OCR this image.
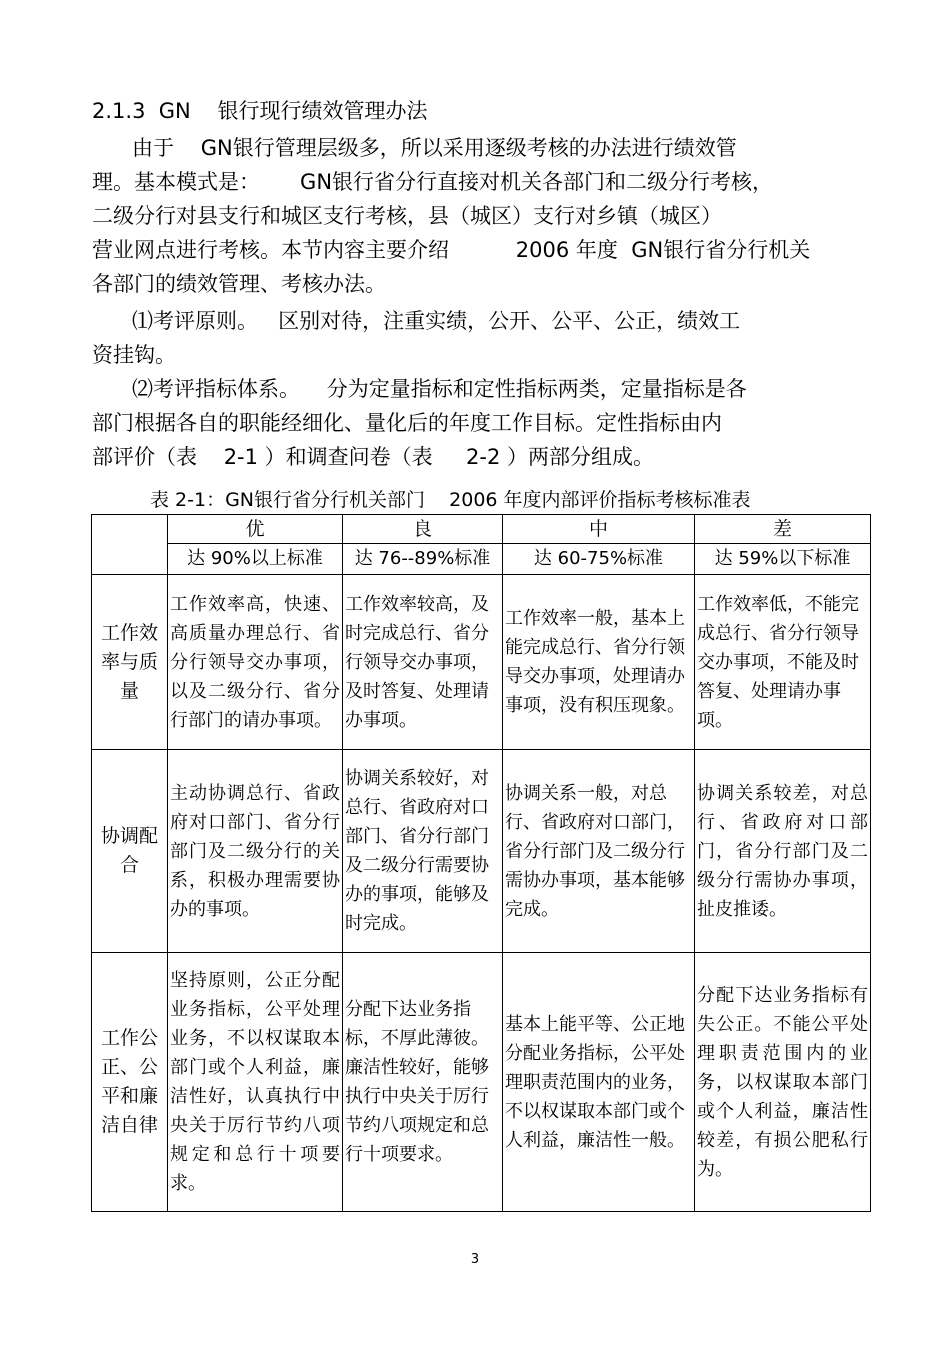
2.1.3  GN    银行现行绩效管理办法
由于    GN银行管理层级多，所以采用逐级考核的办法进行绩效管
理。基本模式是：      GN银行省分行直接对机关各部门和二级分行考核，
二级分行对县支行和城区支行考核，县（城区）支行对乡镇（城区）
营业网点进行考核。本节内容主要介绍          2006 年度  GN银行省分行机关
各部门的绩效管理、考核办法。
⑴考评原则。   区别对待，注重实绩，公开、公平、公正，绩效工
资挂钩。
⑵考评指标体系。    分为定量指标和定性指标两类，定量指标是各
部门根据各自的职能经细化、量化后的年度工作目标。定性指标由内
部评价（表    2-1 ）和调查问卷（表     2-2 ）两部分组成。
表 2-1：GN银行省分行机关部门    2006 年度内部评价指标考核标准表
	优	良	中	差
	达 90%以上标准	达 76--89%标准	达 60-75%标准	达 59%以下标准
工作效率与质量	工作效率高，快速、高质量办理总行、省分行领导交办事项，以及二级分行、省分行部门的请办事项。	工作效率较高，及时完成总行、省分行领导交办事项，及时答复、处理请办事项。	工作效率一般，基本上能完成总行、省分行领导交办事项，处理请办事项，没有积压现象。	工作效率低，不能完成总行、省分行领导交办事项，不能及时答复、处理请办事项。
协调配合	主动协调总行、省政府对口部门、省分行部门及二级分行的关系，积极办理需要协办的事项。	协调关系较好，对总行、省政府对口部门、省分行部门及二级分行需要协办的事项，能够及时完成。	协调关系一般，对总行、省政府对口部门，省分行部门及二级分行需协办事项，基本能够完成。	协调关系较差，对总行、省政府对口部门，省分行部门及二级分行需协办事项，扯皮推诿。
工作公正、公平和廉洁自律	坚持原则，公正分配业务指标，公平处理业务，不以权谋取本部门或个人利益，廉洁性好，认真执行中央关于厉行节约八项规定和总行十项要求。	分配下达业务指标，不厚此薄彼。廉洁性较好，能够执行中央关于厉行节约八项规定和总行十项要求。	基本上能平等、公正地分配业务指标，公平处理职责范围内的业务，不以权谋取本部门或个人利益，廉洁性一般。	分配下达业务指标有失公正。不能公平处理职责范围内的业务，以权谋取本部门或个人利益，廉洁性较差，有损公肥私行为。
3
